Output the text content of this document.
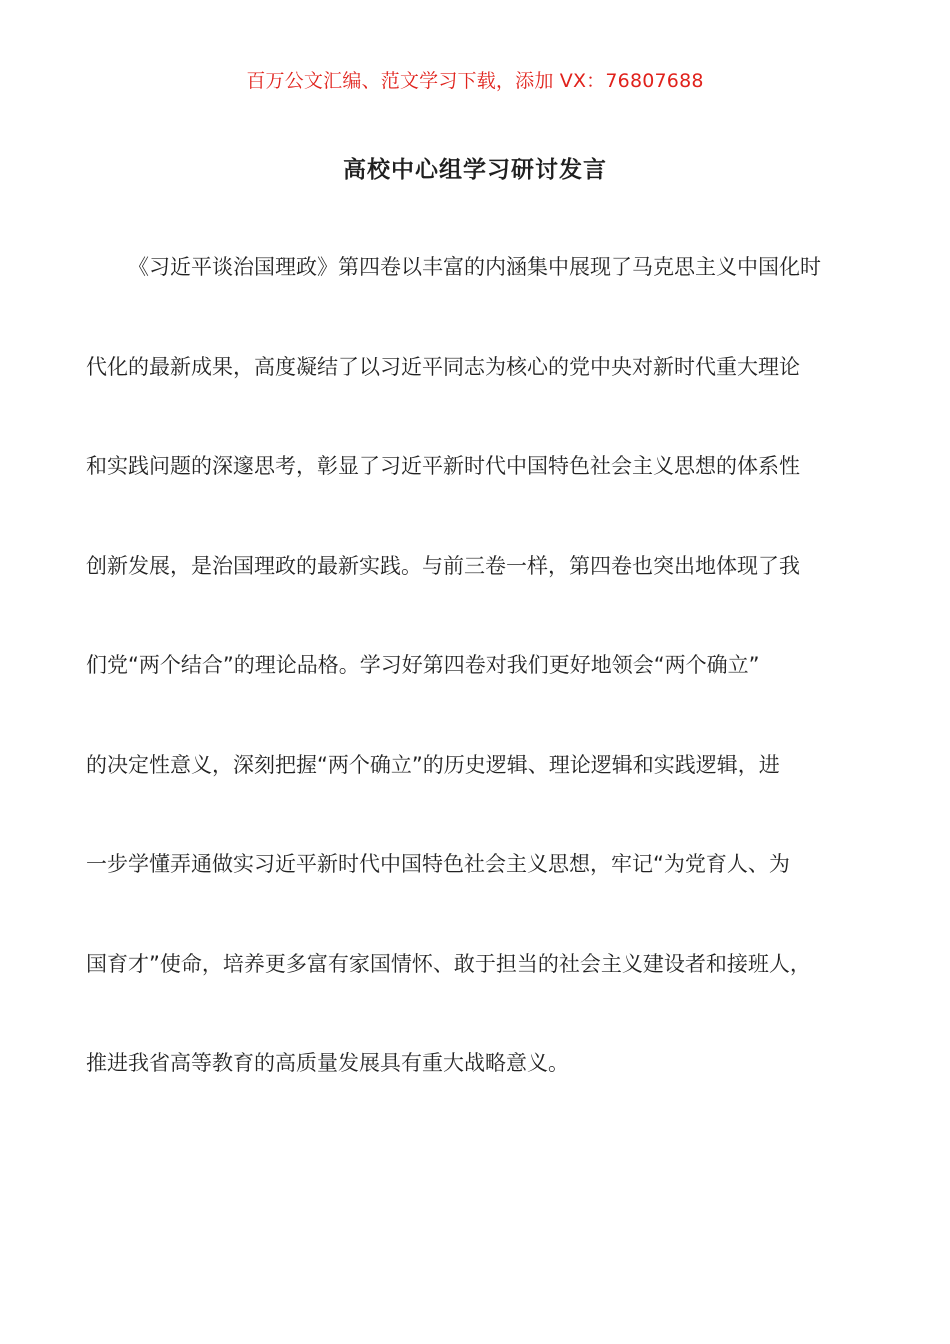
百万公文汇编、范文学习下载，添加 VX：76807688
高校中心组学习研讨发言
《习近平谈治国理政》第四卷以丰富的内涵集中展现了马克思主义中国化时
代化的最新成果，高度凝结了以习近平同志为核心的党中央对新时代重大理论
和实践问题的深邃思考，彰显了习近平新时代中国特色社会主义思想的体系性
创新发展，是治国理政的最新实践。与前三卷一样，第四卷也突出地体现了我
们党“两个结合”的理论品格。学习好第四卷对我们更好地领会“两个确立”
的决定性意义，深刻把握“两个确立”的历史逻辑、理论逻辑和实践逻辑，进
一步学懂弄通做实习近平新时代中国特色社会主义思想，牢记“为党育人、为
国育才”使命，培养更多富有家国情怀、敢于担当的社会主义建设者和接班人，
推进我省高等教育的高质量发展具有重大战略意义。
